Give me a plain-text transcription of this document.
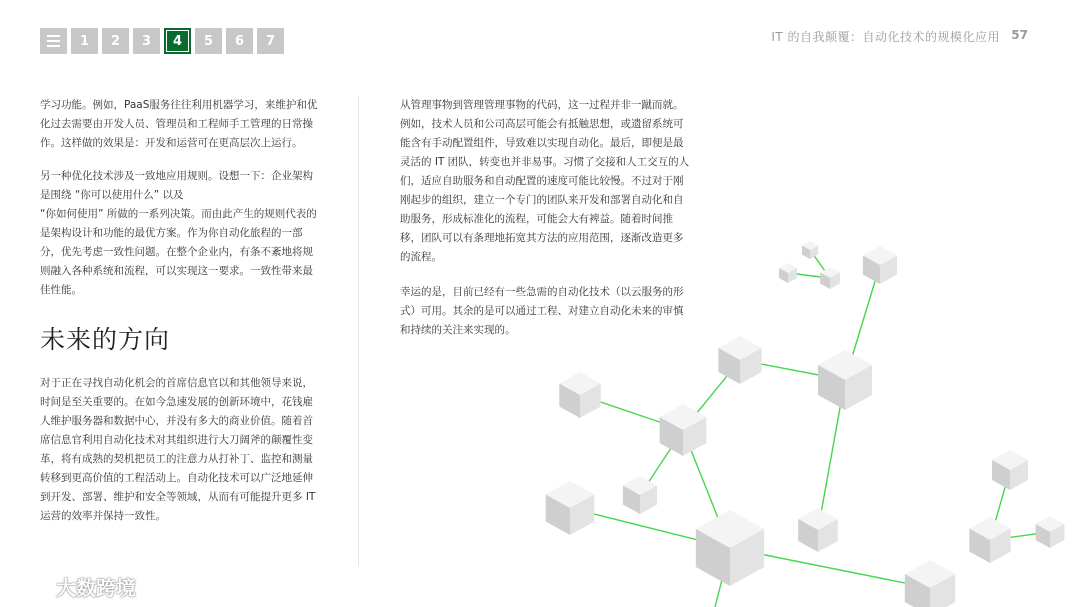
1	2	3	4	5	6	7	IT 的自我颠覆：自动化技术的规模化应用 57

学习功能。例如，PaaS服务往往利用机器学习，来维护和优化过去需要由开发人员、管理员和工程师手工管理的日常操作。这样做的效果是：开发和运营可在更高层次上运行。

另一种优化技术涉及一致地应用规则。设想一下：企业架构是围绕 “你可以使用什么” 以及
“你如何使用” 所做的一系列决策。而由此产生的规则代表的是架构设计和功能的最优方案。作为你自动化旅程的一部分，优先考虑一致性问题。在整个企业内，有条不紊地将规则融入各种系统和流程，可以实现这一要求。一致性带来最佳性能。

未来的方向

对于正在寻找自动化机会的首席信息官以和其他领导来说，时间是至关重要的。在如今急速发展的创新环境中，花钱雇人维护服务器和数据中心，并没有多大的商业价值。随着首席信息官利用自动化技术对其组织进行大刀阔斧的颠覆性变革，将有成熟的契机把员工的注意力从打补丁、监控和测量转移到更高价值的工程活动上。自动化技术可以广泛地延伸到开发、部署、维护和安全等领域，从而有可能提升更多 IT 运营的效率并保持一致性。

从管理事物到管理管理事物的代码，这一过程并非一蹴而就。例如，技术人员和公司高层可能会有抵触思想，或遗留系统可能含有手动配置组件，导致难以实现自动化。最后，即便是最灵活的 IT 团队，转变也并非易事。习惯了交接和人工交互的人们，适应自助服务和自动配置的速度可能比较慢。不过对于刚刚起步的组织，建立一个专门的团队来开发和部署自动化和自助服务，形成标准化的流程，可能会大有裨益。随着时间推移，团队可以有条理地拓宽其方法的应用范围，逐渐改造更多的流程。

幸运的是，目前已经有一些急需的自动化技术（以云服务的形式）可用。其余的是可以通过工程、对建立自动化未来的审慎和持续的关注来实现的。

大数跨境
